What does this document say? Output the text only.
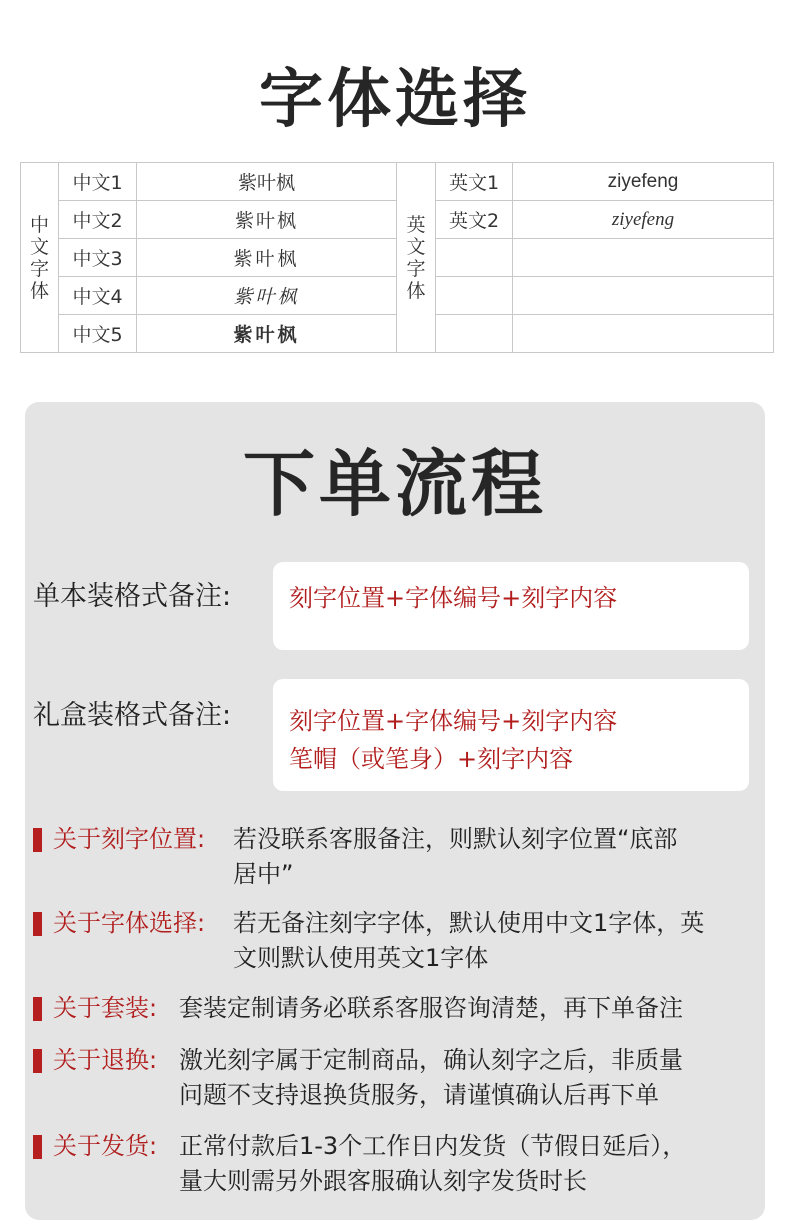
字体选择
中文字体	中文1	紫叶枫	英文字体	英文1	ziyefeng
	中文2	紫叶枫		英文2	ziyefeng
	中文3	紫叶枫			
	中文4	紫叶枫			
	中文5	紫叶枫			
下单流程
单本装格式备注: 刻字位置+字体编号+刻字内容
礼盒装格式备注: 刻字位置+字体编号+刻字内容
笔帽（或笔身）+刻字内容
关于刻字位置: 若没联系客服备注，则默认刻字位置“底部
居中”
关于字体选择: 若无备注刻字字体，默认使用中文1字体，英
文则默认使用英文1字体
关于套装: 套装定制请务必联系客服咨询清楚，再下单备注
关于退换: 激光刻字属于定制商品，确认刻字之后，非质量
问题不支持退换货服务，请谨慎确认后再下单
关于发货: 正常付款后1-3个工作日内发货（节假日延后），
量大则需另外跟客服确认刻字发货时长
